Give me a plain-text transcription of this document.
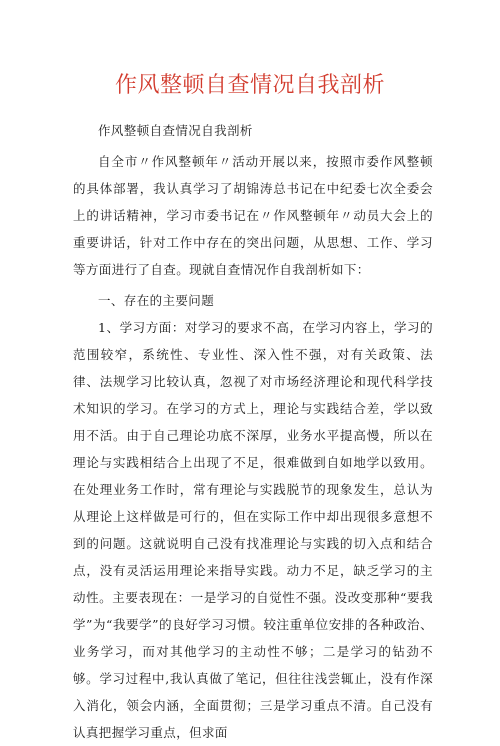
作风整顿自查情况自我剖析

作风整顿自查情况自我剖析

自全市〃作风整顿年〃活动开展以来，按照市委作风整顿的具体部署，我认真学习了胡锦涛总书记在中纪委七次全委会上的讲话精神，学习市委书记在〃作风整顿年〃动员大会上的重要讲话，针对工作中存在的突出问题，从思想、工作、学习等方面进行了自查。现就自查情况作自我剖析如下：

一、存在的主要问题

1、学习方面：对学习的要求不高，在学习内容上，学习的范围较窄，系统性、专业性、深入性不强，对有关政策、法律、法规学习比较认真，忽视了对市场经济理论和现代科学技术知识的学习。在学习的方式上，理论与实践结合差，学以致用不活。由于自己理论功底不深厚，业务水平提高慢，所以在理论与实践相结合上出现了不足，很难做到自如地学以致用。在处理业务工作时，常有理论与实践脱节的现象发生，总认为从理论上这样做是可行的，但在实际工作中却出现很多意想不到的问题。这就说明自己没有找准理论与实践的切入点和结合点，没有灵活运用理论来指导实践。动力不足，缺乏学习的主动性。主要表现在：一是学习的自觉性不强。没改变那种“要我学”为“我要学”的良好学习习惯。较注重单位安排的各种政治、业务学习，而对其他学习的主动性不够；二是学习的钻劲不够。学习过程中,我认真做了笔记，但往往浅尝辄止，没有作深入消化，领会内涵，全面贯彻；三是学习重点不清。自己没有认真把握学习重点，但求面
